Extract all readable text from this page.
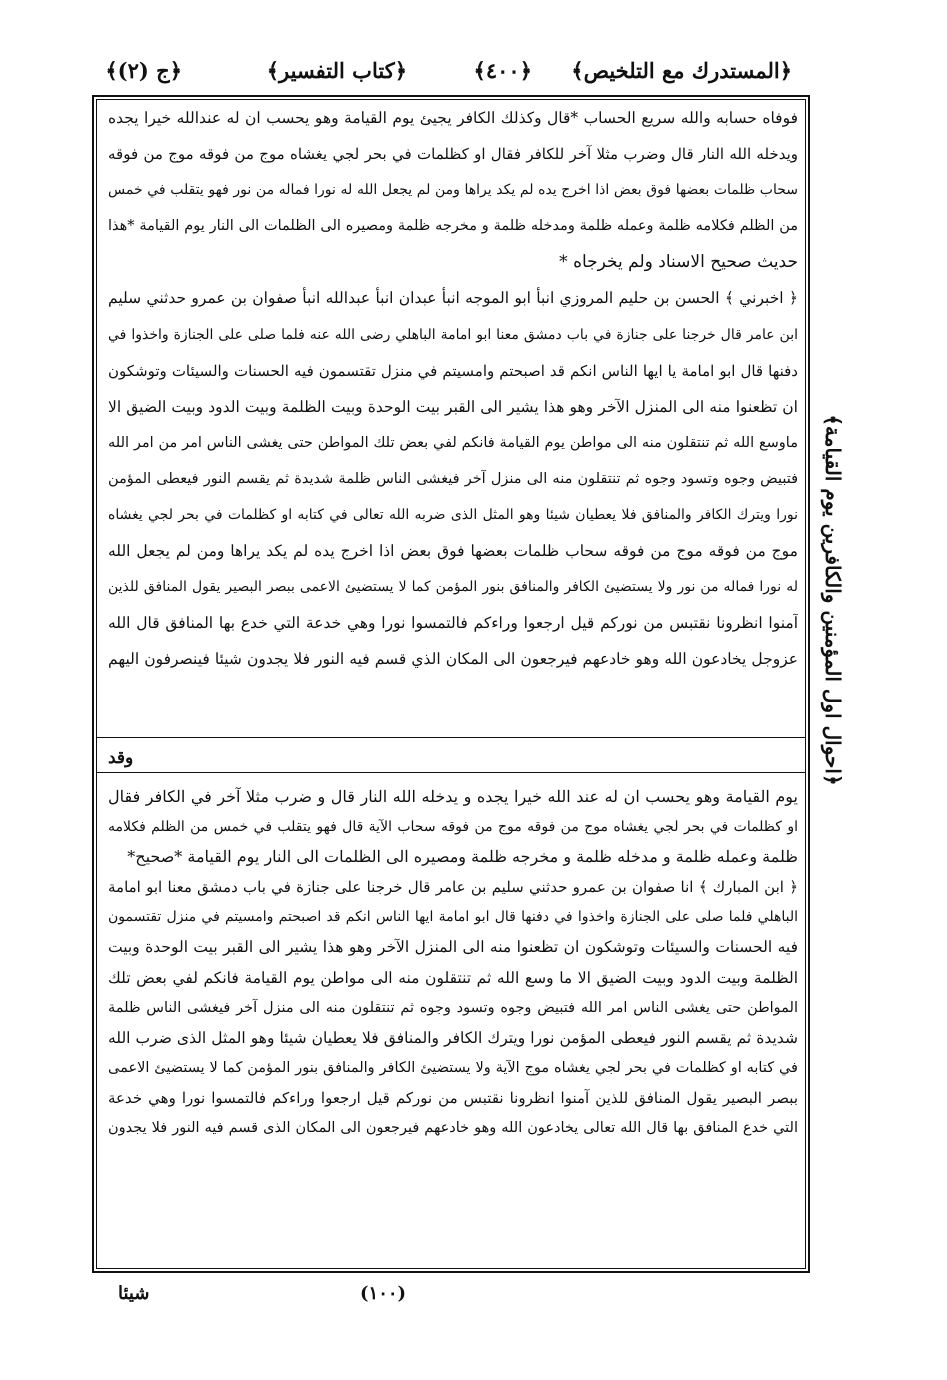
﴿المستدرك مع التلخيص﴾
﴿٤٠٠﴾
﴿كتاب التفسير﴾
﴿ج (٢)﴾

فوفاه حسابه والله سريع الحساب *قال وكذلك الكافر يجيئ يوم القيامة وهو يحسب ان له عندالله خيرا يجده

ويدخله الله النار قال وضرب مثلا آخر للكافر فقال او كظلمات في بحر لجي يغشاه موج من فوقه موج من فوقه

سحاب ظلمات بعضها فوق بعض اذا اخرج يده لم يكد يراها ومن لم يجعل الله له نورا فماله من نور فهو يتقلب في خمس

من الظلم فكلامه ظلمة وعمله ظلمة ومدخله ظلمة و مخرجه ظلمة ومصيره الى الظلمات الى النار يوم القيامة *هذا

حديث صحيح الاسناد ولم يخرجاه *

﴿ اخبرني ﴾ الحسن بن حليم المروزي انبأ ابو الموجه انبأ عبدان انبأ عبدالله انبأ صفوان بن عمرو حدثني سليم

ابن عامر قال خرجنا على جنازة في باب دمشق معنا ابو امامة الباهلي رضى الله عنه فلما صلى على الجنازة واخذوا في

دفنها قال ابو امامة يا ايها الناس انكم قد اصبحتم وامسيتم في منزل تقتسمون فيه الحسنات والسيئات وتوشكون

ان تظعنوا منه الى المنزل الآخر وهو هذا يشير الى القبر بيت الوحدة وبيت الظلمة وبيت الدود وبيت الضيق الا

ماوسع الله ثم تنتقلون منه الى مواطن يوم القيامة فانكم لفي بعض تلك المواطن حتى يغشى الناس امر من امر الله

فتبيض وجوه وتسود وجوه ثم تنتقلون منه الى منزل آخر فيغشى الناس ظلمة شديدة ثم يقسم النور فيعطى المؤمن

نورا ويترك الكافر والمنافق فلا يعطيان شيئا وهو المثل الذى ضربه الله تعالى في كتابه او كظلمات في بحر لجي يغشاه

موج من فوقه موج من فوقه سحاب ظلمات بعضها فوق بعض اذا اخرج يده لم يكد يراها ومن لم يجعل الله

له نورا فماله من نور ولا يستضيئ الكافر والمنافق بنور المؤمن كما لا يستضيئ الاعمى ببصر البصير يقول المنافق للذين

آمنوا انظرونا نقتبس من نوركم قيل ارجعوا وراءكم فالتمسوا نورا وهي خدعة التي خدع بها المنافق قال الله

عزوجل يخادعون الله وهو خادعهم فيرجعون الى المكان الذي قسم فيه النور فلا يجدون شيئا فينصرفون اليهم

وقد

يوم القيامة وهو يحسب ان له عند الله خيرا يجده و يدخله الله النار قال و ضرب مثلا آخر في الكافر فقال

او كظلمات في بحر لجي يغشاه موج من فوقه موج من فوقه سحاب الآية قال فهو يتقلب في خمس من الظلم فكلامه

ظلمة وعمله ظلمة و مدخله ظلمة و مخرجه ظلمة ومصيره الى الظلمات الى النار يوم القيامة *صحيح*

﴿ ابن المبارك ﴾ انا صفوان بن عمرو حدثني سليم بن عامر قال خرجنا على جنازة في باب دمشق معنا ابو امامة

الباهلي فلما صلى على الجنازة واخذوا في دفنها قال ابو امامة ايها الناس انكم قد اصبحتم وامسيتم في منزل تقتسمون

فيه الحسنات والسيئات وتوشكون ان تظعنوا منه الى المنزل الآخر وهو هذا يشير الى القبر بيت الوحدة وبيت

الظلمة وبيت الدود وبيت الضيق الا ما وسع الله ثم تنتقلون منه الى مواطن يوم القيامة فانكم لفي بعض تلك

المواطن حتى يغشى الناس امر الله فتبيض وجوه وتسود وجوه ثم تنتقلون منه الى منزل آخر فيغشى الناس ظلمة

شديدة ثم يقسم النور فيعطى المؤمن نورا ويترك الكافر والمنافق فلا يعطيان شيئا وهو المثل الذى ضرب الله

في كتابه او كظلمات في بحر لجي يغشاه موج الآية ولا يستضيئ الكافر والمنافق بنور المؤمن كما لا يستضيئ الاعمى

ببصر البصير يقول المنافق للذين آمنوا انظرونا نقتبس من نوركم قيل ارجعوا وراءكم فالتمسوا نورا وهي خدعة

التي خدع المنافق بها قال الله تعالى يخادعون الله وهو خادعهم فيرجعون الى المكان الذى قسم فيه النور فلا يجدون

﴿احوال اول المؤمنين والكافرين يوم القيامة﴾
شيئا	(١٠٠)
